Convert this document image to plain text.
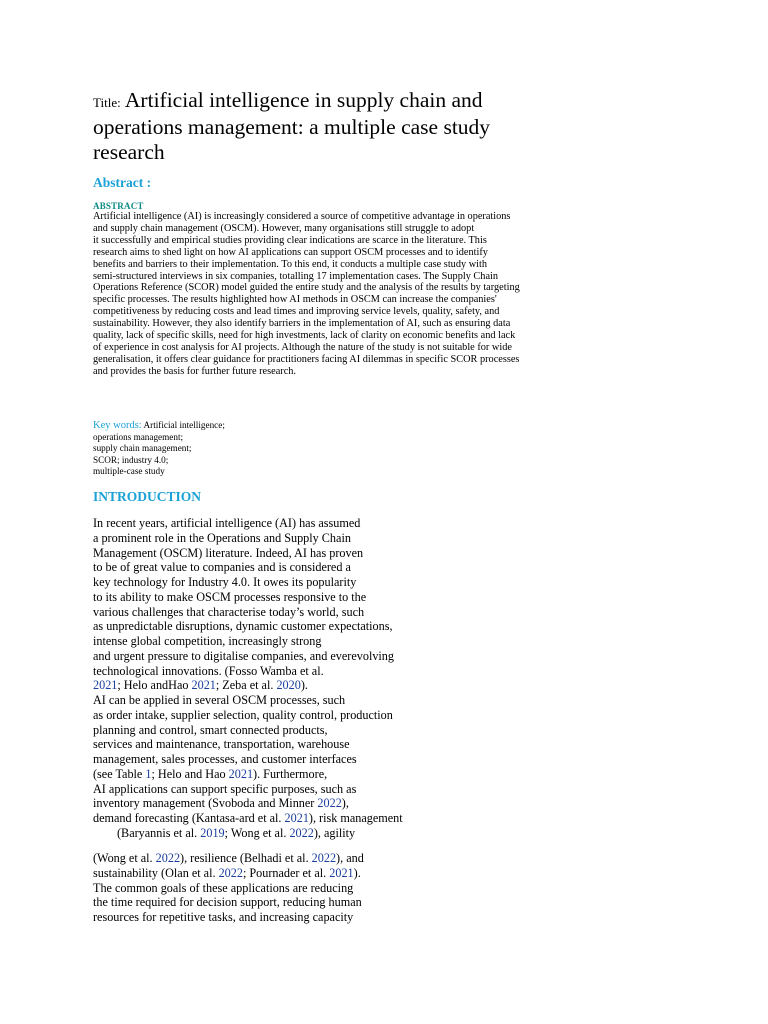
Title: Artificial intelligence in supply chain and
operations management: a multiple case study
research
Abstract :
ABSTRACT
Artificial intelligence (AI) is increasingly considered a source of competitive advantage in operations
and supply chain management (OSCM). However, many organisations still struggle to adopt
it successfully and empirical studies providing clear indications are scarce in the literature. This
research aims to shed light on how AI applications can support OSCM processes and to identify
benefits and barriers to their implementation. To this end, it conducts a multiple case study with
semi-structured interviews in six companies, totalling 17 implementation cases. The Supply Chain
Operations Reference (SCOR) model guided the entire study and the analysis of the results by targeting
specific processes. The results highlighted how AI methods in OSCM can increase the companies'
competitiveness by reducing costs and lead times and improving service levels, quality, safety, and
sustainability. However, they also identify barriers in the implementation of AI, such as ensuring data
quality, lack of specific skills, need for high investments, lack of clarity on economic benefits and lack
of experience in cost analysis for AI projects. Although the nature of the study is not suitable for wide
generalisation, it offers clear guidance for practitioners facing AI dilemmas in specific SCOR processes
and provides the basis for further future research.
Key words: Artificial intelligence;
operations management;
supply chain management;
SCOR; industry 4.0;
multiple-case study
INTRODUCTION
In recent years, artificial intelligence (AI) has assumed
a prominent role in the Operations and Supply Chain
Management (OSCM) literature. Indeed, AI has proven
to be of great value to companies and is considered a
key technology for Industry 4.0. It owes its popularity
to its ability to make OSCM processes responsive to the
various challenges that characterise today’s world, such
as unpredictable disruptions, dynamic customer expectations,
intense global competition, increasingly strong
and urgent pressure to digitalise companies, and everevolving
technological innovations. (Fosso Wamba et al.
2021; Helo andHao 2021; Zeba et al. 2020).
AI can be applied in several OSCM processes, such
as order intake, supplier selection, quality control, production
planning and control, smart connected products,
services and maintenance, transportation, warehouse
management, sales processes, and customer interfaces
(see Table 1; Helo and Hao 2021). Furthermore,
AI applications can support specific purposes, such as
inventory management (Svoboda and Minner 2022),
demand forecasting (Kantasa-ard et al. 2021), risk management
(Baryannis et al. 2019; Wong et al. 2022), agility
(Wong et al. 2022), resilience (Belhadi et al. 2022), and
sustainability (Olan et al. 2022; Pournader et al. 2021).
The common goals of these applications are reducing
the time required for decision support, reducing human
resources for repetitive tasks, and increasing capacity
